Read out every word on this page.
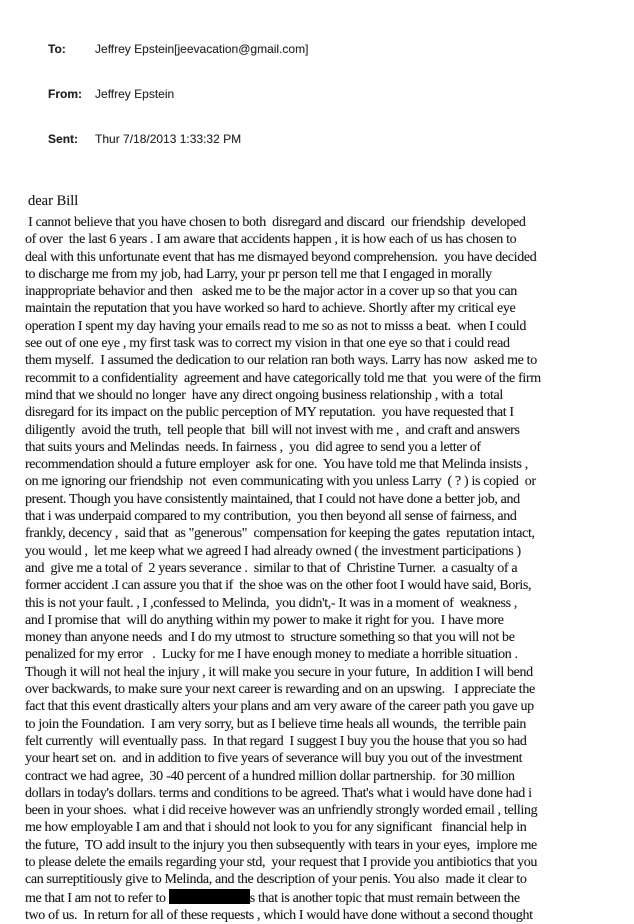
To: Jeffrey Epstein[jeevacation@gmail.com]

From: Jeffrey Epstein

Sent: Thur 7/18/2013 1:33:32 PM

dear Bill
I cannot believe that you have chosen to both  disregard and discard  our friendship  developed
of over  the last 6 years . I am aware that accidents happen , it is how each of us has chosen to
deal with this unfortunate event that has me dismayed beyond comprehension.  you have decided
to discharge me from my job, had Larry, your pr person tell me that I engaged in morally
inappropriate behavior and then   asked me to be the major actor in a cover up so that you can
maintain the reputation that you have worked so hard to achieve. Shortly after my critical eye
operation I spent my day having your emails read to me so as not to misss a beat.  when I could
see out of one eye , my first task was to correct my vision in that one eye so that i could read
them myself.  I assumed the dedication to our relation ran both ways. Larry has now  asked me to
recommit to a confidentiality  agreement and have categorically told me that  you were of the firm
mind that we should no longer  have any direct ongoing business relationship , with a  total
disregard for its impact on the public perception of MY reputation.  you have requested that I
diligently  avoid the truth,  tell people that  bill will not invest with me ,  and craft and answers
that suits yours and Melindas  needs. In fairness ,  you  did agree to send you a letter of
recommendation should a future employer  ask for one.  You have told me that Melinda insists ,
on me ignoring our friendship  not  even communicating with you unless Larry  ( ? ) is copied  or
present. Though you have consistently maintained, that I could not have done a better job, and
that i was underpaid compared to my contribution,  you then beyond all sense of fairness, and
frankly, decency ,  said that  as "generous"  compensation for keeping the gates  reputation intact,
you would ,  let me keep what we agreed I had already owned ( the investment participations )
and  give me a total of  2 years severance .  similar to that of  Christine Turner.  a casualty of a
former accident .I can assure you that if  the shoe was on the other foot I would have said, Boris,
this is not your fault. , I ,confessed to Melinda,  you didn't,- It was in a moment of  weakness ,
and I promise that  will do anything within my power to make it right for you.  I have more
money than anyone needs  and I do my utmost to  structure something so that you will not be
penalized for my error   .  Lucky for me I have enough money to mediate a horrible situation .
Though it will not heal the injury , it will make you secure in your future,  In addition I will bend
over backwards, to make sure your next career is rewarding and on an upswing.   I appreciate the
fact that this event drastically alters your plans and am very aware of the career path you gave up
to join the Foundation.  I am very sorry, but as I believe time heals all wounds,  the terrible pain
felt currently  will eventually pass.  In that regard  I suggest I buy you the house that you so had
your heart set on.  and in addition to five years of severance will buy you out of the investment
contract we had agree,  30 -40 percent of a hundred million dollar partnership.  for 30 million
dollars in today's dollars. terms and conditions to be agreed. That's what i would have done had i
been in your shoes.  what i did receive however was an unfriendly strongly worded email , telling
me how employable I am and that i should not look to you for any significant   financial help in
the future,  TO add insult to the injury you then subsequently with tears in your eyes,  implore me
to please delete the emails regarding your std,  your request that I provide you antibiotics that you
can surreptitiously give to Melinda, and the description of your penis. You also  made it clear to
me that I am not to refer to	s that is another topic that must remain between the
two of us.  In return for all of these requests , which I would have done without a second thought
